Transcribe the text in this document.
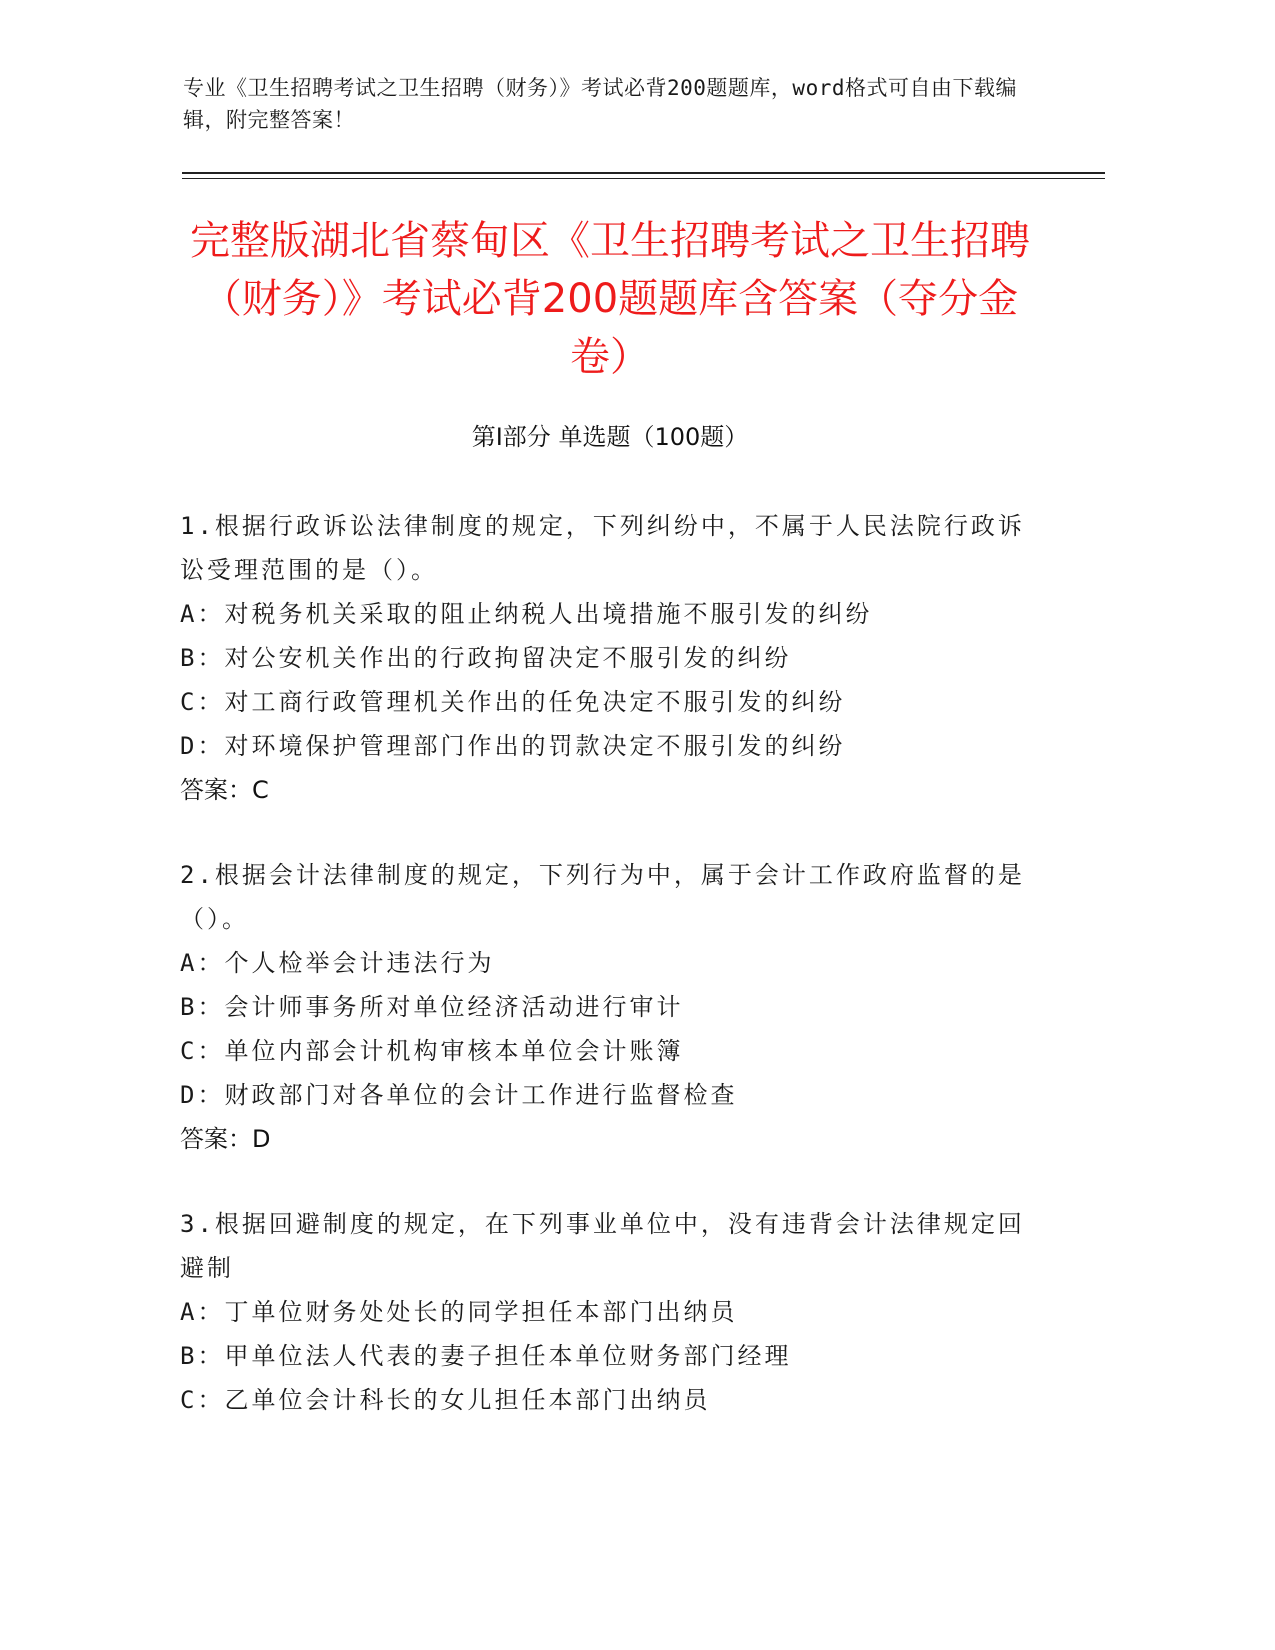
专业《卫生招聘考试之卫生招聘（财务）》考试必背200题题库，word格式可自由下载编辑，附完整答案！
完整版湖北省蔡甸区《卫生招聘考试之卫生招聘（财务）》考试必背200题题库含答案（夺分金卷）
第Ⅰ部分 单选题（100题）
1.根据行政诉讼法律制度的规定，下列纠纷中，不属于人民法院行政诉讼受理范围的是（）。
A：对税务机关采取的阻止纳税人出境措施不服引发的纠纷
B：对公安机关作出的行政拘留决定不服引发的纠纷
C：对工商行政管理机关作出的任免决定不服引发的纠纷
D：对环境保护管理部门作出的罚款决定不服引发的纠纷
答案：C
2.根据会计法律制度的规定，下列行为中，属于会计工作政府监督的是（）。
A：个人检举会计违法行为
B：会计师事务所对单位经济活动进行审计
C：单位内部会计机构审核本单位会计账簿
D：财政部门对各单位的会计工作进行监督检查
答案：D
3.根据回避制度的规定，在下列事业单位中，没有违背会计法律规定回避制
A：丁单位财务处处长的同学担任本部门出纳员
B：甲单位法人代表的妻子担任本单位财务部门经理
C：乙单位会计科长的女儿担任本部门出纳员
